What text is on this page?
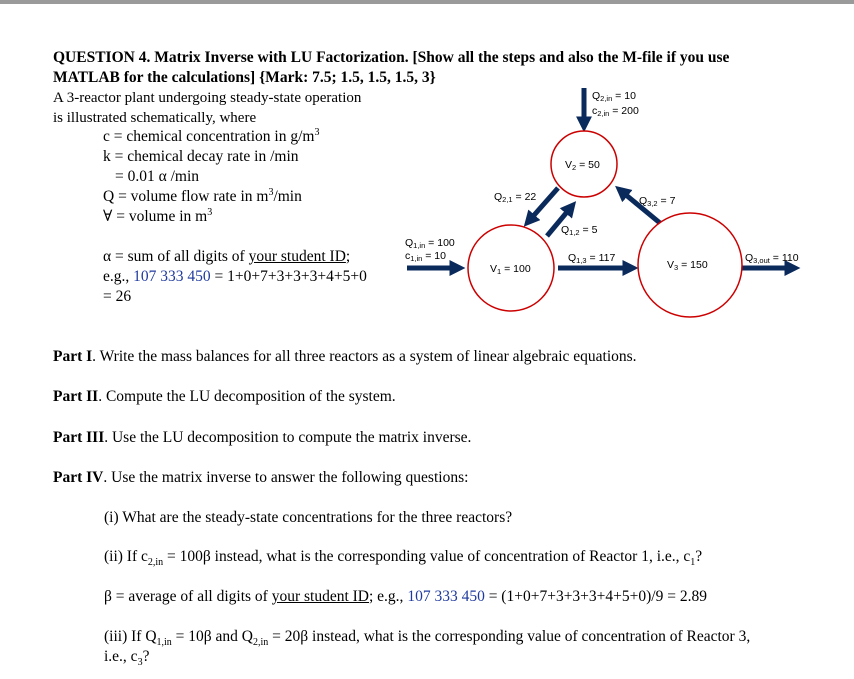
QUESTION 4. Matrix Inverse with LU Factorization. [Show all the steps and also the M-file if you use
MATLAB for the calculations] {Mark: 7.5; 1.5, 1.5, 1.5, 3}
A 3-reactor plant undergoing steady-state operation
is illustrated schematically, where
c = chemical concentration in $g/m^3$
k = chemical decay rate in /min
= 0.01 α /min
Q = volume flow rate in $m^3/\min$
∀ = volume in $m^3$
α = sum of all digits of your student ID;
e.g., 107 333 450 = 1+0+7+3+3+3+4+5+0
= 26
V1 = 100
V2 = 50
V3 = 150
Q2,in = 10
c2,in = 200
Q1,in = 100
c1,in = 10
Q2,1 = 22
Q1,2 = 5
Q3,2 = 7
Q1,3 = 117	Q3,out = 110
Part I. Write the mass balances for all three reactors as a system of linear algebraic equations.
Part II. Compute the LU decomposition of the system.
Part III. Use the LU decomposition to compute the matrix inverse.
Part IV. Use the matrix inverse to answer the following questions:
(i) What are the steady-state concentrations for the three reactors?
(ii) If $c_{2,in} = 100\beta$ instead, what is the corresponding value of concentration of Reactor 1, i.e., $c_1$?
β = average of all digits of your student ID; e.g., 107 333 450 = (1+0+7+3+3+3+4+5+0)/9 = 2.89
(iii) If $Q_{1,in} = 10\beta$ and $Q_{2,in} = 20\beta$ instead, what is the corresponding value of concentration of Reactor 3,
i.e., $c_3$?
